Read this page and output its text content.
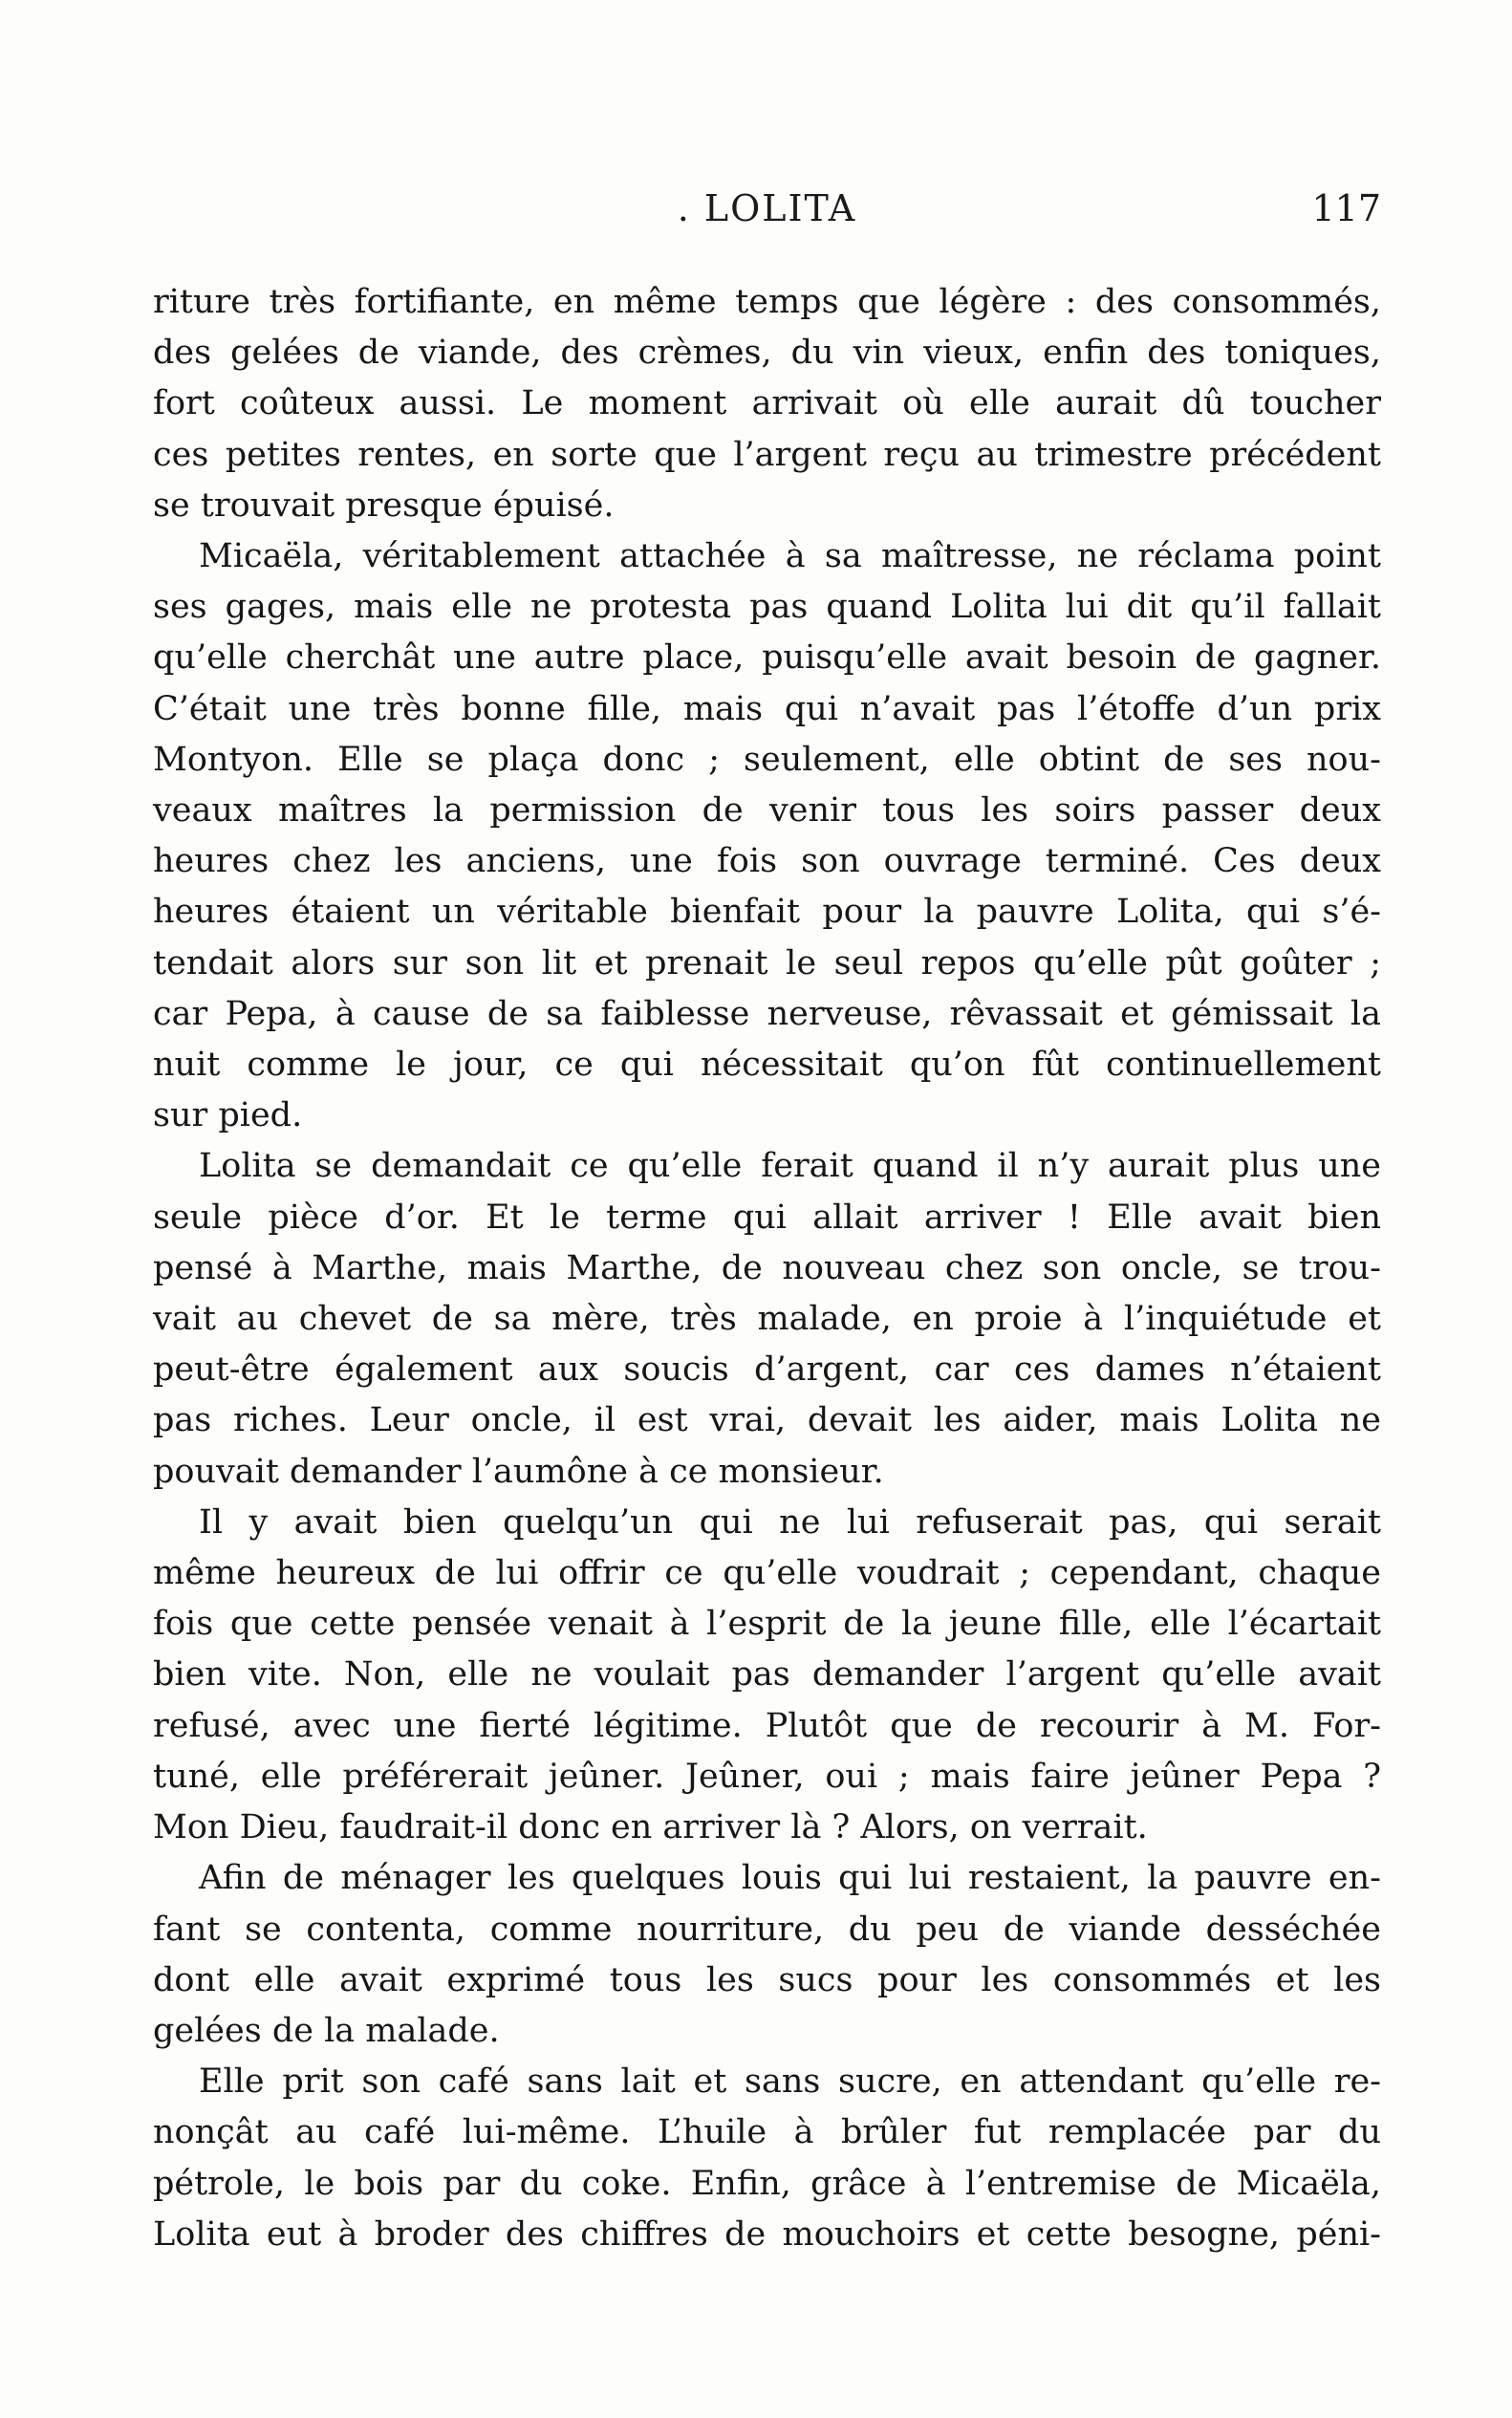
. LOLITA	117

riture très fortifiante, en même temps que légère : des consommés,
des gelées de viande, des crèmes, du vin vieux, enfin des toniques,
fort coûteux aussi. Le moment arrivait où elle aurait dû toucher
ces petites rentes, en sorte que l’argent reçu au trimestre précédent
se trouvait presque épuisé.

Micaëla, véritablement attachée à sa maîtresse, ne réclama point
ses gages, mais elle ne protesta pas quand Lolita lui dit qu’il fallait
qu’elle cherchât une autre place, puisqu’elle avait besoin de gagner.
C’était une très bonne fille, mais qui n’avait pas l’étoffe d’un prix
Montyon. Elle se plaça donc ; seulement, elle obtint de ses nou-
veaux maîtres la permission de venir tous les soirs passer deux
heures chez les anciens, une fois son ouvrage terminé. Ces deux
heures étaient un véritable bienfait pour la pauvre Lolita, qui s’é-
tendait alors sur son lit et prenait le seul repos qu’elle pût goûter ;
car Pepa, à cause de sa faiblesse nerveuse, rêvassait et gémissait la
nuit comme le jour, ce qui nécessitait qu’on fût continuellement
sur pied.

Lolita se demandait ce qu’elle ferait quand il n’y aurait plus une
seule pièce d’or. Et le terme qui allait arriver ! Elle avait bien
pensé à Marthe, mais Marthe, de nouveau chez son oncle, se trou-
vait au chevet de sa mère, très malade, en proie à l’inquiétude et
peut-être également aux soucis d’argent, car ces dames n’étaient
pas riches. Leur oncle, il est vrai, devait les aider, mais Lolita ne
pouvait demander l’aumône à ce monsieur.

Il y avait bien quelqu’un qui ne lui refuserait pas, qui serait
même heureux de lui offrir ce qu’elle voudrait ; cependant, chaque
fois que cette pensée venait à l’esprit de la jeune fille, elle l’écartait
bien vite. Non, elle ne voulait pas demander l’argent qu’elle avait
refusé, avec une fierté légitime. Plutôt que de recourir à M. For-
tuné, elle préférerait jeûner. Jeûner, oui ; mais faire jeûner Pepa ?
Mon Dieu, faudrait-il donc en arriver là ? Alors, on verrait.

Afin de ménager les quelques louis qui lui restaient, la pauvre en-
fant se contenta, comme nourriture, du peu de viande desséchée
dont elle avait exprimé tous les sucs pour les consommés et les
gelées de la malade.

Elle prit son café sans lait et sans sucre, en attendant qu’elle re-
nonçât au café lui-même. L’huile à brûler fut remplacée par du
pétrole, le bois par du coke. Enfin, grâce à l’entremise de Micaëla,
Lolita eut à broder des chiffres de mouchoirs et cette besogne, péni-
